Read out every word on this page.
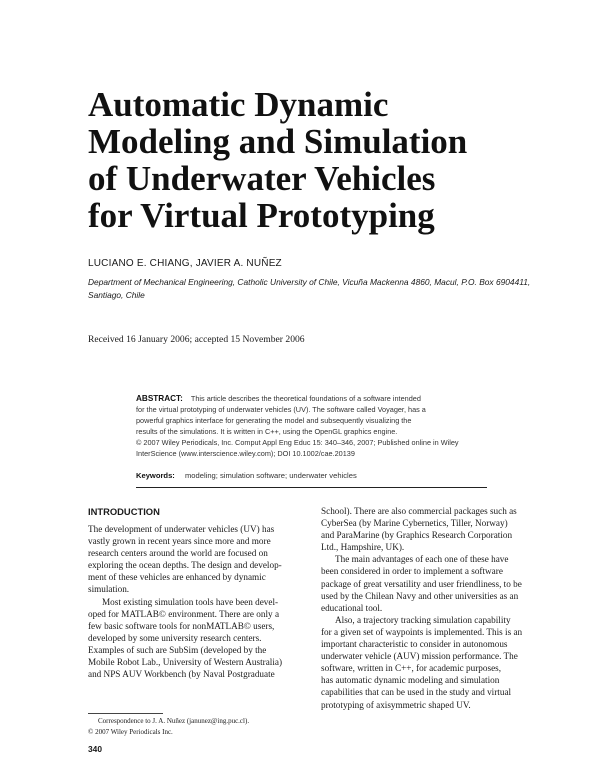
Automatic Dynamic
Modeling and Simulation
of Underwater Vehicles
for Virtual Prototyping
LUCIANO E. CHIANG, JAVIER A. NUÑEZ
Department of Mechanical Engineering, Catholic University of Chile, Vicuña Mackenna 4860, Macul, P.O. Box 6904411,
Santiago, Chile
Received 16 January 2006; accepted 15 November 2006
ABSTRACT: This article describes the theoretical foundations of a software intended
for the virtual prototyping of underwater vehicles (UV). The software called Voyager, has a
powerful graphics interface for generating the model and subsequently visualizing the
results of the simulations. It is written in C++, using the OpenGL graphics engine.
© 2007 Wiley Periodicals, Inc. Comput Appl Eng Educ 15: 340–346, 2007; Published online in Wiley
InterScience (www.interscience.wiley.com); DOI 10.1002/cae.20139
Keywords: modeling; simulation software; underwater vehicles
INTRODUCTION
The development of underwater vehicles (UV) has
vastly grown in recent years since more and more
research centers around the world are focused on
exploring the ocean depths. The design and develop-
ment of these vehicles are enhanced by dynamic
simulation.
Most existing simulation tools have been devel-
oped for MATLAB© environment. There are only a
few basic software tools for nonMATLAB© users,
developed by some university research centers.
Examples of such are SubSim (developed by the
Mobile Robot Lab., University of Western Australia)
and NPS AUV Workbench (by Naval Postgraduate
School). There are also commercial packages such as
CyberSea (by Marine Cybernetics, Tiller, Norway)
and ParaMarine (by Graphics Research Corporation
Ltd., Hampshire, UK).
The main advantages of each one of these have
been considered in order to implement a software
package of great versatility and user friendliness, to be
used by the Chilean Navy and other universities as an
educational tool.
Also, a trajectory tracking simulation capability
for a given set of waypoints is implemented. This is an
important characteristic to consider in autonomous
underwater vehicle (AUV) mission performance. The
software, written in C++, for academic purposes,
has automatic dynamic modeling and simulation
capabilities that can be used in the study and virtual
prototyping of axisymmetric shaped UV.
Correspondence to J. A. Nuñez (janunez@ing.puc.cl).
© 2007 Wiley Periodicals Inc.
340
